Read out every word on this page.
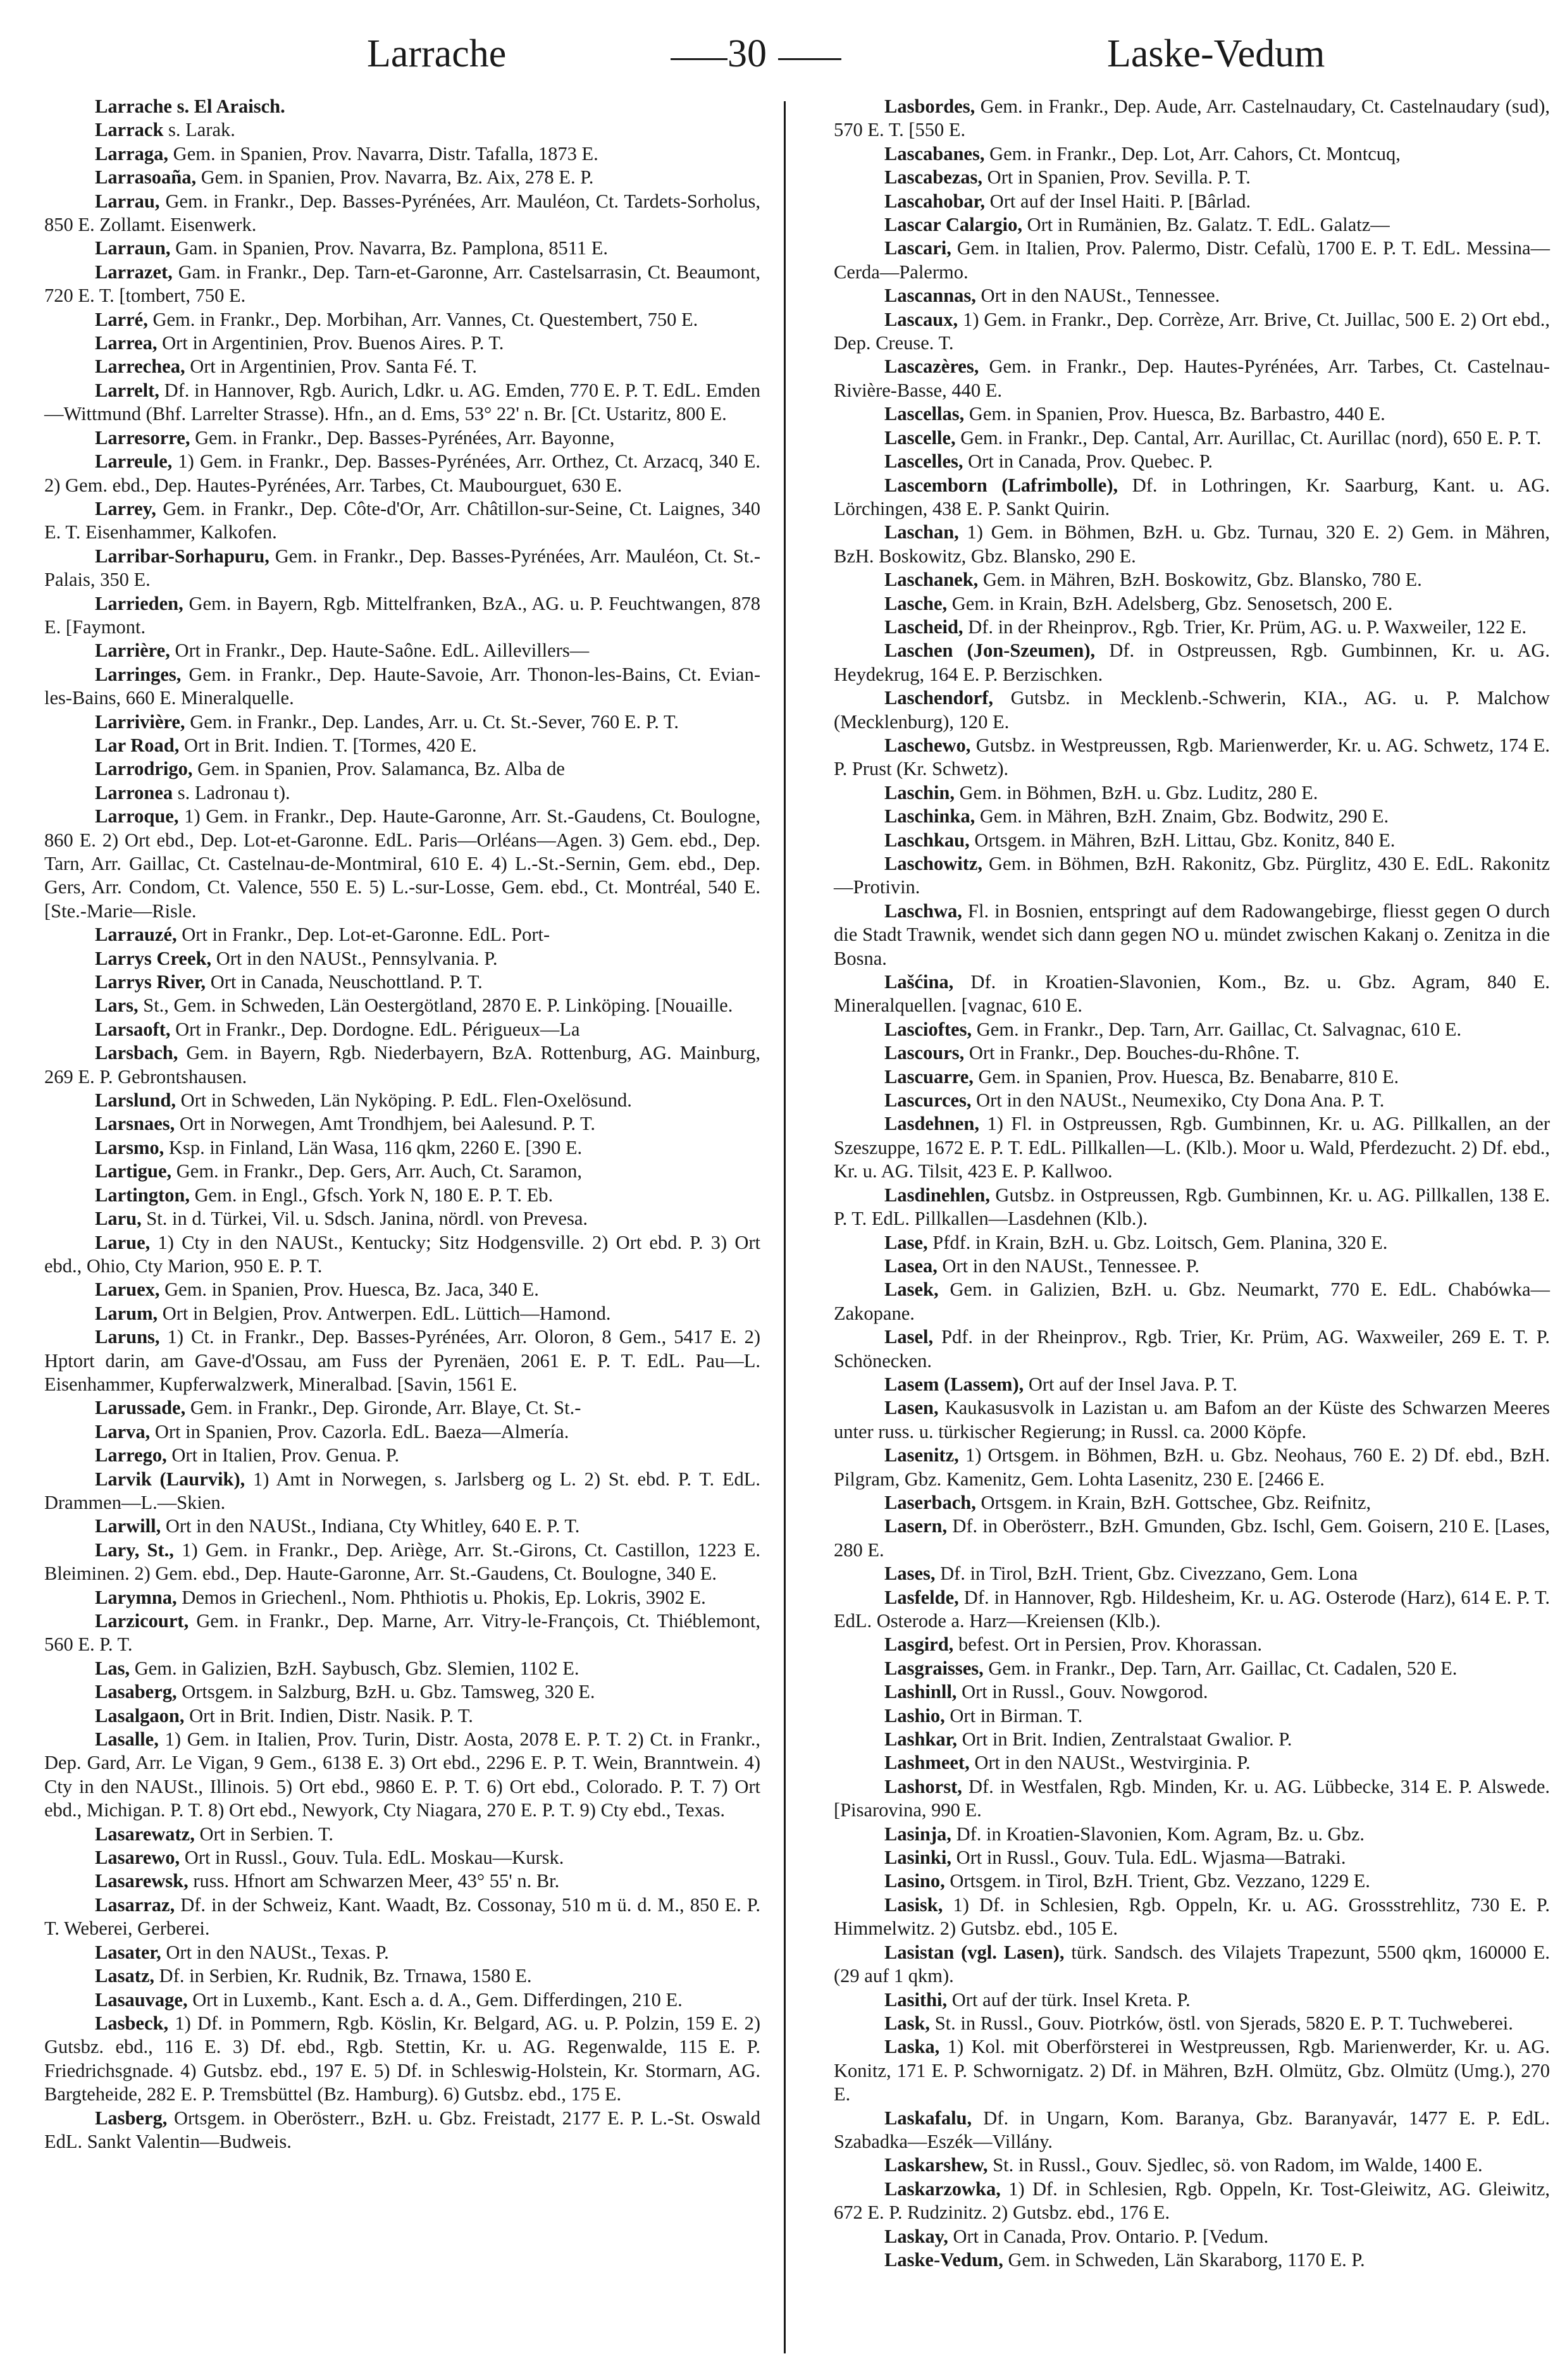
Larrache	30	Laske-Vedum

Larrache s. El Araisch.

Larrack s. Larak.

Larraga, Gem. in Spanien, Prov. Navarra, Distr. Tafalla, 1873 E.

Larrasoaña, Gem. in Spanien, Prov. Navarra, Bz. Aix, 278 E. P.

Larrau, Gem. in Frankr., Dep. Basses-Pyrénées, Arr. Mauléon, Ct. Tardets-Sorholus, 850 E. Zollamt. Eisenwerk.

Larraun, Gam. in Spanien, Prov. Navarra, Bz. Pamplona, 8511 E.

Larrazet, Gam. in Frankr., Dep. Tarn-et-Garonne, Arr. Castelsarrasin, Ct. Beaumont, 720 E. T. [tombert, 750 E.

Larré, Gem. in Frankr., Dep. Morbihan, Arr. Vannes, Ct. Questembert, 750 E.

Larrea, Ort in Argentinien, Prov. Buenos Aires. P. T.

Larrechea, Ort in Argentinien, Prov. Santa Fé. T.

Larrelt, Df. in Hannover, Rgb. Aurich, Ldkr. u. AG. Emden, 770 E. P. T. EdL. Emden—Wittmund (Bhf. Larrelter Strasse). Hfn., an d. Ems, 53° 22' n. Br. [Ct. Ustaritz, 800 E.

Larresorre, Gem. in Frankr., Dep. Basses-Pyrénées, Arr. Bayonne,

Larreule, 1) Gem. in Frankr., Dep. Basses-Pyrénées, Arr. Orthez, Ct. Arzacq, 340 E. 2) Gem. ebd., Dep. Hautes-Pyrénées, Arr. Tarbes, Ct. Maubourguet, 630 E.

Larrey, Gem. in Frankr., Dep. Côte-d'Or, Arr. Châtillon-sur-Seine, Ct. Laignes, 340 E. T. Eisenhammer, Kalkofen.

Larribar-Sorhapuru, Gem. in Frankr., Dep. Basses-Pyrénées, Arr. Mauléon, Ct. St.-Palais, 350 E.

Larrieden, Gem. in Bayern, Rgb. Mittelfranken, BzA., AG. u. P. Feuchtwangen, 878 E. [Faymont.

Larrière, Ort in Frankr., Dep. Haute-Saône. EdL. Aillevillers—

Larringes, Gem. in Frankr., Dep. Haute-Savoie, Arr. Thonon-les-Bains, Ct. Evian-les-Bains, 660 E. Mineralquelle.

Larrivière, Gem. in Frankr., Dep. Landes, Arr. u. Ct. St.-Sever, 760 E. P. T.

Lar Road, Ort in Brit. Indien. T. [Tormes, 420 E.

Larrodrigo, Gem. in Spanien, Prov. Salamanca, Bz. Alba de

Larronea s. Ladronau t).

Larroque, 1) Gem. in Frankr., Dep. Haute-Garonne, Arr. St.-Gaudens, Ct. Boulogne, 860 E. 2) Ort ebd., Dep. Lot-et-Garonne. EdL. Paris—Orléans—Agen. 3) Gem. ebd., Dep. Tarn, Arr. Gaillac, Ct. Castelnau-de-Montmiral, 610 E. 4) L.-St.-Sernin, Gem. ebd., Dep. Gers, Arr. Condom, Ct. Valence, 550 E. 5) L.-sur-Losse, Gem. ebd., Ct. Montréal, 540 E. [Ste.-Marie—Risle.

Larrauzé, Ort in Frankr., Dep. Lot-et-Garonne. EdL. Port-

Larrys Creek, Ort in den NAUSt., Pennsylvania. P.

Larrys River, Ort in Canada, Neuschottland. P. T.

Lars, St., Gem. in Schweden, Län Oestergötland, 2870 E. P. Linköping. [Nouaille.

Larsaoft, Ort in Frankr., Dep. Dordogne. EdL. Périgueux—La

Larsbach, Gem. in Bayern, Rgb. Niederbayern, BzA. Rottenburg, AG. Mainburg, 269 E. P. Gebrontshausen.

Larslund, Ort in Schweden, Län Nyköping. P. EdL. Flen-Oxelösund.

Larsnaes, Ort in Norwegen, Amt Trondhjem, bei Aalesund. P. T.

Larsmo, Ksp. in Finland, Län Wasa, 116 qkm, 2260 E. [390 E.

Lartigue, Gem. in Frankr., Dep. Gers, Arr. Auch, Ct. Saramon,

Lartington, Gem. in Engl., Gfsch. York N, 180 E. P. T. Eb.

Laru, St. in d. Türkei, Vil. u. Sdsch. Janina, nördl. von Prevesa.

Larue, 1) Cty in den NAUSt., Kentucky; Sitz Hodgensville. 2) Ort ebd. P. 3) Ort ebd., Ohio, Cty Marion, 950 E. P. T.

Laruex, Gem. in Spanien, Prov. Huesca, Bz. Jaca, 340 E.

Larum, Ort in Belgien, Prov. Antwerpen. EdL. Lüttich—Hamond.

Laruns, 1) Ct. in Frankr., Dep. Basses-Pyrénées, Arr. Oloron, 8 Gem., 5417 E. 2) Hptort darin, am Gave-d'Ossau, am Fuss der Pyrenäen, 2061 E. P. T. EdL. Pau—L. Eisenhammer, Kupferwalzwerk, Mineralbad. [Savin, 1561 E.

Larussade, Gem. in Frankr., Dep. Gironde, Arr. Blaye, Ct. St.-

Larva, Ort in Spanien, Prov. Cazorla. EdL. Baeza—Almería.

Larrego, Ort in Italien, Prov. Genua. P.

Larvik (Laurvik), 1) Amt in Norwegen, s. Jarlsberg og L. 2) St. ebd. P. T. EdL. Drammen—L.—Skien.

Larwill, Ort in den NAUSt., Indiana, Cty Whitley, 640 E. P. T.

Lary, St., 1) Gem. in Frankr., Dep. Ariège, Arr. St.-Girons, Ct. Castillon, 1223 E. Bleiminen. 2) Gem. ebd., Dep. Haute-Garonne, Arr. St.-Gaudens, Ct. Boulogne, 340 E.

Larymna, Demos in Griechenl., Nom. Phthiotis u. Phokis, Ep. Lokris, 3902 E.

Larzicourt, Gem. in Frankr., Dep. Marne, Arr. Vitry-le-François, Ct. Thiéblemont, 560 E. P. T.

Las, Gem. in Galizien, BzH. Saybusch, Gbz. Slemien, 1102 E.

Lasaberg, Ortsgem. in Salzburg, BzH. u. Gbz. Tamsweg, 320 E.

Lasalgaon, Ort in Brit. Indien, Distr. Nasik. P. T.

Lasalle, 1) Gem. in Italien, Prov. Turin, Distr. Aosta, 2078 E. P. T. 2) Ct. in Frankr., Dep. Gard, Arr. Le Vigan, 9 Gem., 6138 E. 3) Ort ebd., 2296 E. P. T. Wein, Branntwein. 4) Cty in den NAUSt., Illinois. 5) Ort ebd., 9860 E. P. T. 6) Ort ebd., Colorado. P. T. 7) Ort ebd., Michigan. P. T. 8) Ort ebd., Newyork, Cty Niagara, 270 E. P. T. 9) Cty ebd., Texas.

Lasarewatz, Ort in Serbien. T.

Lasarewo, Ort in Russl., Gouv. Tula. EdL. Moskau—Kursk.

Lasarewsk, russ. Hfnort am Schwarzen Meer, 43° 55' n. Br.

Lasarraz, Df. in der Schweiz, Kant. Waadt, Bz. Cossonay, 510 m ü. d. M., 850 E. P. T. Weberei, Gerberei.

Lasater, Ort in den NAUSt., Texas. P.

Lasatz, Df. in Serbien, Kr. Rudnik, Bz. Trnawa, 1580 E.

Lasauvage, Ort in Luxemb., Kant. Esch a. d. A., Gem. Differdingen, 210 E.

Lasbeck, 1) Df. in Pommern, Rgb. Köslin, Kr. Belgard, AG. u. P. Polzin, 159 E. 2) Gutsbz. ebd., 116 E. 3) Df. ebd., Rgb. Stettin, Kr. u. AG. Regenwalde, 115 E. P. Friedrichsgnade. 4) Gutsbz. ebd., 197 E. 5) Df. in Schleswig-Holstein, Kr. Stormarn, AG. Bargteheide, 282 E. P. Tremsbüttel (Bz. Hamburg). 6) Gutsbz. ebd., 175 E.

Lasberg, Ortsgem. in Oberösterr., BzH. u. Gbz. Freistadt, 2177 E. P. L.-St. Oswald EdL. Sankt Valentin—Budweis.

Lasbordes, Gem. in Frankr., Dep. Aude, Arr. Castelnaudary, Ct. Castelnaudary (sud), 570 E. T. [550 E.

Lascabanes, Gem. in Frankr., Dep. Lot, Arr. Cahors, Ct. Montcuq,

Lascabezas, Ort in Spanien, Prov. Sevilla. P. T.

Lascahobar, Ort auf der Insel Haiti. P. [Bârlad.

Lascar Calargio, Ort in Rumänien, Bz. Galatz. T. EdL. Galatz—

Lascari, Gem. in Italien, Prov. Palermo, Distr. Cefalù, 1700 E. P. T. EdL. Messina—Cerda—Palermo.

Lascannas, Ort in den NAUSt., Tennessee.

Lascaux, 1) Gem. in Frankr., Dep. Corrèze, Arr. Brive, Ct. Juillac, 500 E. 2) Ort ebd., Dep. Creuse. T.

Lascazères, Gem. in Frankr., Dep. Hautes-Pyrénées, Arr. Tarbes, Ct. Castelnau-Rivière-Basse, 440 E.

Lascellas, Gem. in Spanien, Prov. Huesca, Bz. Barbastro, 440 E.

Lascelle, Gem. in Frankr., Dep. Cantal, Arr. Aurillac, Ct. Aurillac (nord), 650 E. P. T.

Lascelles, Ort in Canada, Prov. Quebec. P.

Lascemborn (Lafrimbolle), Df. in Lothringen, Kr. Saarburg, Kant. u. AG. Lörchingen, 438 E. P. Sankt Quirin.

Laschan, 1) Gem. in Böhmen, BzH. u. Gbz. Turnau, 320 E. 2) Gem. in Mähren, BzH. Boskowitz, Gbz. Blansko, 290 E.

Laschanek, Gem. in Mähren, BzH. Boskowitz, Gbz. Blansko, 780 E.

Lasche, Gem. in Krain, BzH. Adelsberg, Gbz. Senosetsch, 200 E.

Lascheid, Df. in der Rheinprov., Rgb. Trier, Kr. Prüm, AG. u. P. Waxweiler, 122 E.

Laschen (Jon-Szeumen), Df. in Ostpreussen, Rgb. Gumbinnen, Kr. u. AG. Heydekrug, 164 E. P. Berzischken.

Laschendorf, Gutsbz. in Mecklenb.-Schwerin, KIA., AG. u. P. Malchow (Mecklenburg), 120 E.

Laschewo, Gutsbz. in Westpreussen, Rgb. Marienwerder, Kr. u. AG. Schwetz, 174 E. P. Prust (Kr. Schwetz).

Laschin, Gem. in Böhmen, BzH. u. Gbz. Luditz, 280 E.

Laschinka, Gem. in Mähren, BzH. Znaim, Gbz. Bodwitz, 290 E.

Laschkau, Ortsgem. in Mähren, BzH. Littau, Gbz. Konitz, 840 E.

Laschowitz, Gem. in Böhmen, BzH. Rakonitz, Gbz. Pürglitz, 430 E. EdL. Rakonitz—Protivin.

Laschwa, Fl. in Bosnien, entspringt auf dem Radowangebirge, fliesst gegen O durch die Stadt Trawnik, wendet sich dann gegen NO u. mündet zwischen Kakanj o. Zenitza in die Bosna.

Lašćina, Df. in Kroatien-Slavonien, Kom., Bz. u. Gbz. Agram, 840 E. Mineralquellen. [vagnac, 610 E.

Lascioftes, Gem. in Frankr., Dep. Tarn, Arr. Gaillac, Ct. Salvagnac, 610 E.

Lascours, Ort in Frankr., Dep. Bouches-du-Rhône. T.

Lascuarre, Gem. in Spanien, Prov. Huesca, Bz. Benabarre, 810 E.

Lascurces, Ort in den NAUSt., Neumexiko, Cty Dona Ana. P. T.

Lasdehnen, 1) Fl. in Ostpreussen, Rgb. Gumbinnen, Kr. u. AG. Pillkallen, an der Szeszuppe, 1672 E. P. T. EdL. Pillkallen—L. (Klb.). Moor u. Wald, Pferdezucht. 2) Df. ebd., Kr. u. AG. Tilsit, 423 E. P. Kallwoo.

Lasdinehlen, Gutsbz. in Ostpreussen, Rgb. Gumbinnen, Kr. u. AG. Pillkallen, 138 E. P. T. EdL. Pillkallen—Lasdehnen (Klb.).

Lase, Pfdf. in Krain, BzH. u. Gbz. Loitsch, Gem. Planina, 320 E.

Lasea, Ort in den NAUSt., Tennessee. P.

Lasek, Gem. in Galizien, BzH. u. Gbz. Neumarkt, 770 E. EdL. Chabówka—Zakopane.

Lasel, Pdf. in der Rheinprov., Rgb. Trier, Kr. Prüm, AG. Waxweiler, 269 E. T. P. Schönecken.

Lasem (Lassem), Ort auf der Insel Java. P. T.

Lasen, Kaukasusvolk in Lazistan u. am Bafom an der Küste des Schwarzen Meeres unter russ. u. türkischer Regierung; in Russl. ca. 2000 Köpfe.

Lasenitz, 1) Ortsgem. in Böhmen, BzH. u. Gbz. Neohaus, 760 E. 2) Df. ebd., BzH. Pilgram, Gbz. Kamenitz, Gem. Lohta Lasenitz, 230 E. [2466 E.

Laserbach, Ortsgem. in Krain, BzH. Gottschee, Gbz. Reifnitz,

Lasern, Df. in Oberösterr., BzH. Gmunden, Gbz. Ischl, Gem. Goisern, 210 E. [Lases, 280 E.

Lases, Df. in Tirol, BzH. Trient, Gbz. Civezzano, Gem. Lona

Lasfelde, Df. in Hannover, Rgb. Hildesheim, Kr. u. AG. Osterode (Harz), 614 E. P. T. EdL. Osterode a. Harz—Kreiensen (Klb.).

Lasgird, befest. Ort in Persien, Prov. Khorassan.

Lasgraisses, Gem. in Frankr., Dep. Tarn, Arr. Gaillac, Ct. Cadalen, 520 E.

Lashinll, Ort in Russl., Gouv. Nowgorod.

Lashio, Ort in Birman. T.

Lashkar, Ort in Brit. Indien, Zentralstaat Gwalior. P.

Lashmeet, Ort in den NAUSt., Westvirginia. P.

Lashorst, Df. in Westfalen, Rgb. Minden, Kr. u. AG. Lübbecke, 314 E. P. Alswede. [Pisarovina, 990 E.

Lasinja, Df. in Kroatien-Slavonien, Kom. Agram, Bz. u. Gbz.

Lasinki, Ort in Russl., Gouv. Tula. EdL. Wjasma—Batraki.

Lasino, Ortsgem. in Tirol, BzH. Trient, Gbz. Vezzano, 1229 E.

Lasisk, 1) Df. in Schlesien, Rgb. Oppeln, Kr. u. AG. Grossstrehlitz, 730 E. P. Himmelwitz. 2) Gutsbz. ebd., 105 E.

Lasistan (vgl. Lasen), türk. Sandsch. des Vilajets Trapezunt, 5500 qkm, 160000 E. (29 auf 1 qkm).

Lasithi, Ort auf der türk. Insel Kreta. P.

Lask, St. in Russl., Gouv. Piotrków, östl. von Sjerads, 5820 E. P. T. Tuchweberei.

Laska, 1) Kol. mit Oberförsterei in Westpreussen, Rgb. Marienwerder, Kr. u. AG. Konitz, 171 E. P. Schwornigatz. 2) Df. in Mähren, BzH. Olmütz, Gbz. Olmütz (Umg.), 270 E.

Laskafalu, Df. in Ungarn, Kom. Baranya, Gbz. Baranyavár, 1477 E. P. EdL. Szabadka—Eszék—Villány.

Laskarshew, St. in Russl., Gouv. Sjedlec, sö. von Radom, im Walde, 1400 E.

Laskarzowka, 1) Df. in Schlesien, Rgb. Oppeln, Kr. Tost-Gleiwitz, AG. Gleiwitz, 672 E. P. Rudzinitz. 2) Gutsbz. ebd., 176 E.

Laskay, Ort in Canada, Prov. Ontario. P. [Vedum.

Laske-Vedum, Gem. in Schweden, Län Skaraborg, 1170 E. P.
